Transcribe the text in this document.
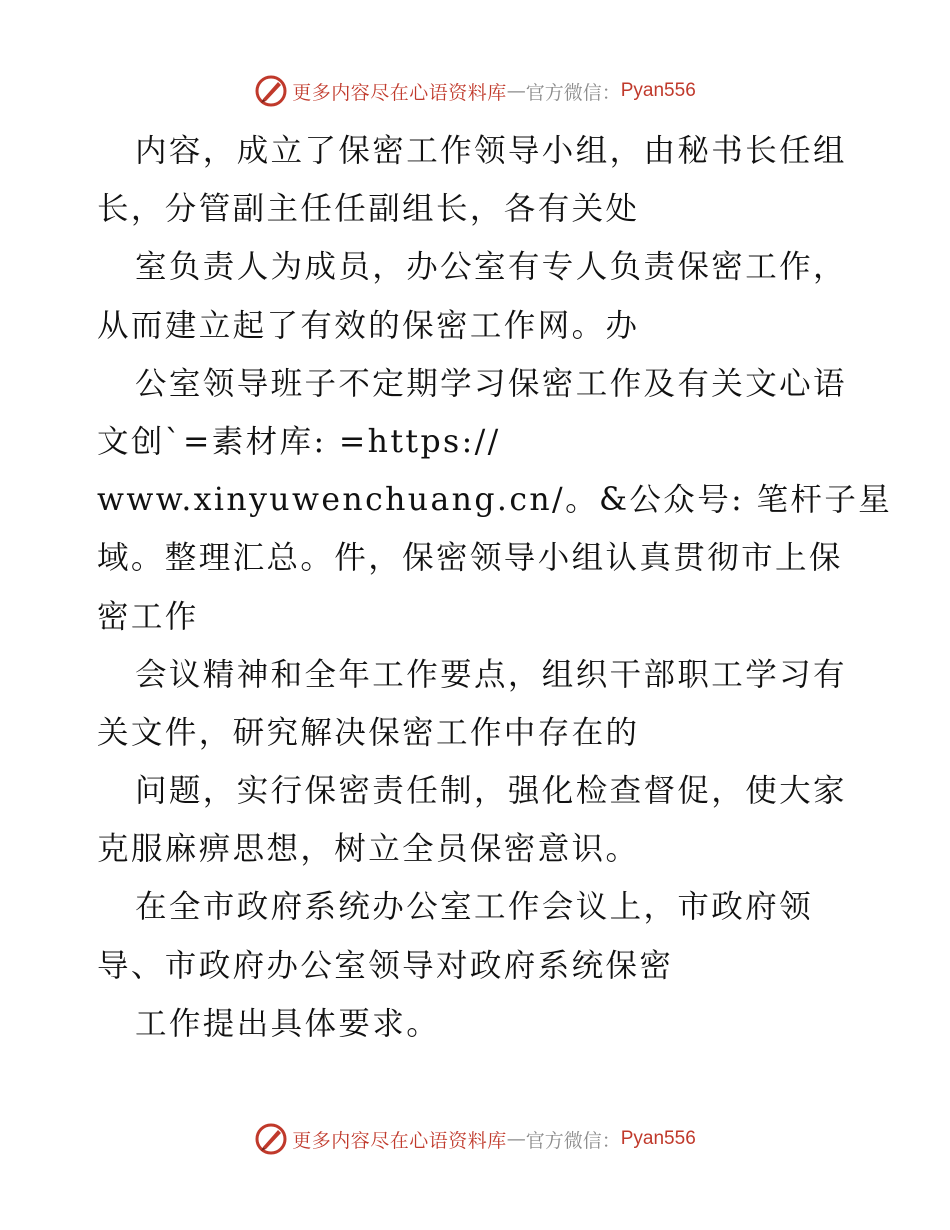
更多内容尽在心语资料库 — 官方微信： Pyan556
内容，成立了保密工作领导小组，由秘书长任组
长，分管副主任任副组长，各有关处
室负责人为成员，办公室有专人负责保密工作，
从而建立起了有效的保密工作网。办
公室领导班子不定期学习保密工作及有关文心语
文创`=素材库: =https://
www.xinyuwenchuang.cn/。&公众号: 笔杆子星
域。整理汇总。件，保密领导小组认真贯彻市上保
密工作
会议精神和全年工作要点，组织干部职工学习有
关文件，研究解决保密工作中存在的
问题，实行保密责任制，强化检查督促，使大家
克服麻痹思想，树立全员保密意识。
在全市政府系统办公室工作会议上，市政府领
导、市政府办公室领导对政府系统保密
工作提出具体要求。
更多内容尽在心语资料库 — 官方微信： Pyan556
